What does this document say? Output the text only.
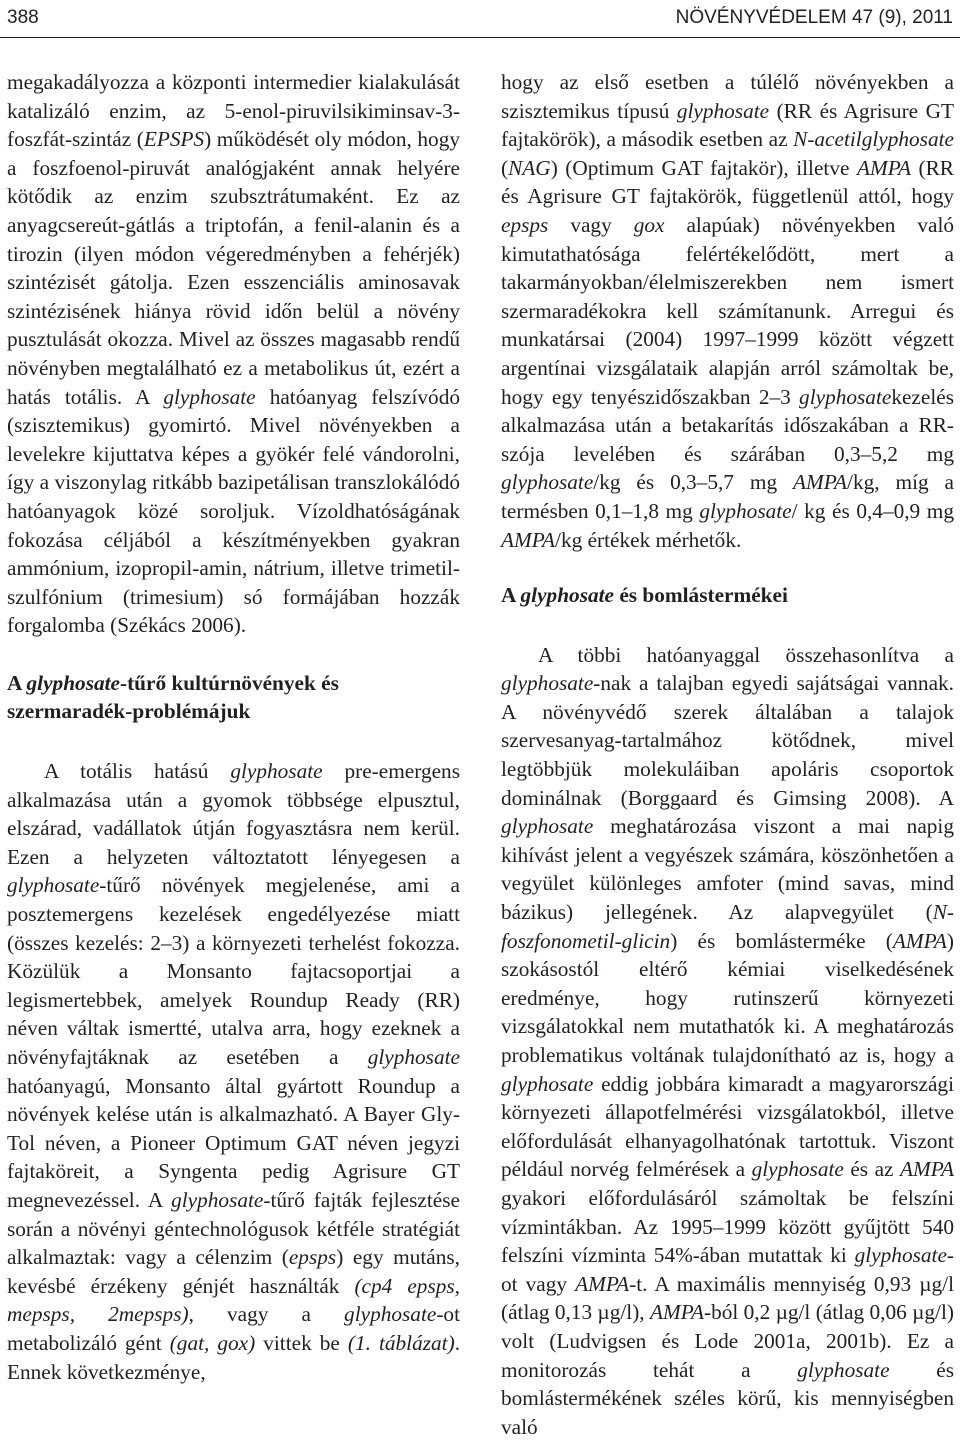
388	NÖVÉNYVÉDELEM 47 (9), 2011

megakadályozza a központi intermedier kialakulását katalizáló enzim, az 5-enol-piruvilsikiminsav-3-foszfát-szintáz (EPSPS) működését oly módon, hogy a foszfoenol-piruvát analógjaként annak helyére kötődik az enzim szubsztrátumaként. Ez az anyagcsereút-gátlás a triptofán, a fenil-alanin és a tirozin (ilyen módon végeredményben a fehérjék) szintézisét gátolja. Ezen esszenciális aminosavak szintézisének hiánya rövid időn belül a növény pusztulását okozza. Mivel az összes magasabb rendű növényben megtalálható ez a metabolikus út, ezért a hatás totális. A glyphosate hatóanyag felszívódó (szisztemikus) gyomirtó. Mivel növényekben a levelekre kijuttatva képes a gyökér felé vándorolni, így a viszonylag ritkább bazipetálisan transzlokálódó hatóanyagok közé soroljuk. Vízoldhatóságának fokozása céljából a készítményekben gyakran ammónium, izopropil-amin, nátrium, illetve trimetil-szulfónium (trimesium) só formájában hozzák forgalomba (Székács 2006).

A glyphosate-tűrő kultúrnövények és szermaradék-problémájuk

A totális hatású glyphosate pre-emergens alkalmazása után a gyomok többsége elpusztul, elszárad, vadállatok útján fogyasztásra nem kerül. Ezen a helyzeten változtatott lényegesen a glyphosate-tűrő növények megjelenése, ami a posztemergens kezelések engedélyezése miatt (összes kezelés: 2–3) a környezeti terhelést fokozza. Közülük a Monsanto fajtacsoportjai a legismertebbek, amelyek Roundup Ready (RR) néven váltak ismertté, utalva arra, hogy ezeknek a növényfajtáknak az esetében a glyphosate hatóanyagú, Monsanto által gyártott Roundup a növények kelése után is alkalmazható. A Bayer Gly-Tol néven, a Pioneer Optimum GAT néven jegyzi fajtaköreit, a Syngenta pedig Agrisure GT megnevezéssel. A glyphosate-tűrő fajták fejlesztése során a növényi géntechnológusok kétféle stratégiát alkalmaztak: vagy a célenzim (epsps) egy mutáns, kevésbé érzékeny génjét használták (cp4 epsps, mepsps, 2mepsps), vagy a glyphosate-ot metabolizáló gént (gat, gox) vittek be (1. táblázat). Ennek következménye,

hogy az első esetben a túlélő növényekben a szisztemikus típusú glyphosate (RR és Agrisure GT fajtakörök), a második esetben az N-acetilglyphosate (NAG) (Optimum GAT fajtakör), illetve AMPA (RR és Agrisure GT fajtakörök, függetlenül attól, hogy epsps vagy gox alapúak) növényekben való kimutathatósága felértékelődött, mert a takarmányokban/élelmiszerekben nem ismert szermaradékokra kell számítanunk. Arregui és munkatársai (2004) 1997–1999 között végzett argentínai vizsgálataik alapján arról számoltak be, hogy egy tenyészidőszakban 2–3 glyphosatekezelés alkalmazása után a betakarítás időszakában a RR-szója levelében és szárában 0,3–5,2 mg glyphosate/kg és 0,3–5,7 mg AMPA/kg, míg a termésben 0,1–1,8 mg glyphosate/ kg és 0,4–0,9 mg AMPA/kg értékek mérhetők.

A glyphosate és bomlástermékei

A többi hatóanyaggal összehasonlítva a glyphosate-nak a talajban egyedi sajátságai vannak. A növényvédő szerek általában a talajok szervesanyag-tartalmához kötődnek, mivel legtöbbjük molekuláiban apoláris csoportok dominálnak (Borggaard és Gimsing 2008). A glyphosate meghatározása viszont a mai napig kihívást jelent a vegyészek számára, köszönhetően a vegyület különleges amfoter (mind savas, mind bázikus) jellegének. Az alapvegyület (N-foszfonometil-glicin) és bomlásterméke (AMPA) szokásostól eltérő kémiai viselkedésének eredménye, hogy rutinszerű környezeti vizsgálatokkal nem mutathatók ki. A meghatározás problematikus voltának tulajdonítható az is, hogy a glyphosate eddig jobbára kimaradt a magyarországi környezeti állapotfelmérési vizsgálatokból, illetve előfordulását elhanyagolhatónak tartottuk. Viszont például norvég felmérések a glyphosate és az AMPA gyakori előfordulásáról számoltak be felszíni vízmintákban. Az 1995–1999 között gyűjtött 540 felszíni vízminta 54%-ában mutattak ki glyphosate-ot vagy AMPA-t. A maximális mennyiség 0,93 µg/l (átlag 0,13 µg/l), AMPA-ból 0,2 µg/l (átlag 0,06 µg/l) volt (Ludvigsen és Lode 2001a, 2001b). Ez a monitorozás tehát a glyphosate és bomlástermékének széles körű, kis mennyiségben való
